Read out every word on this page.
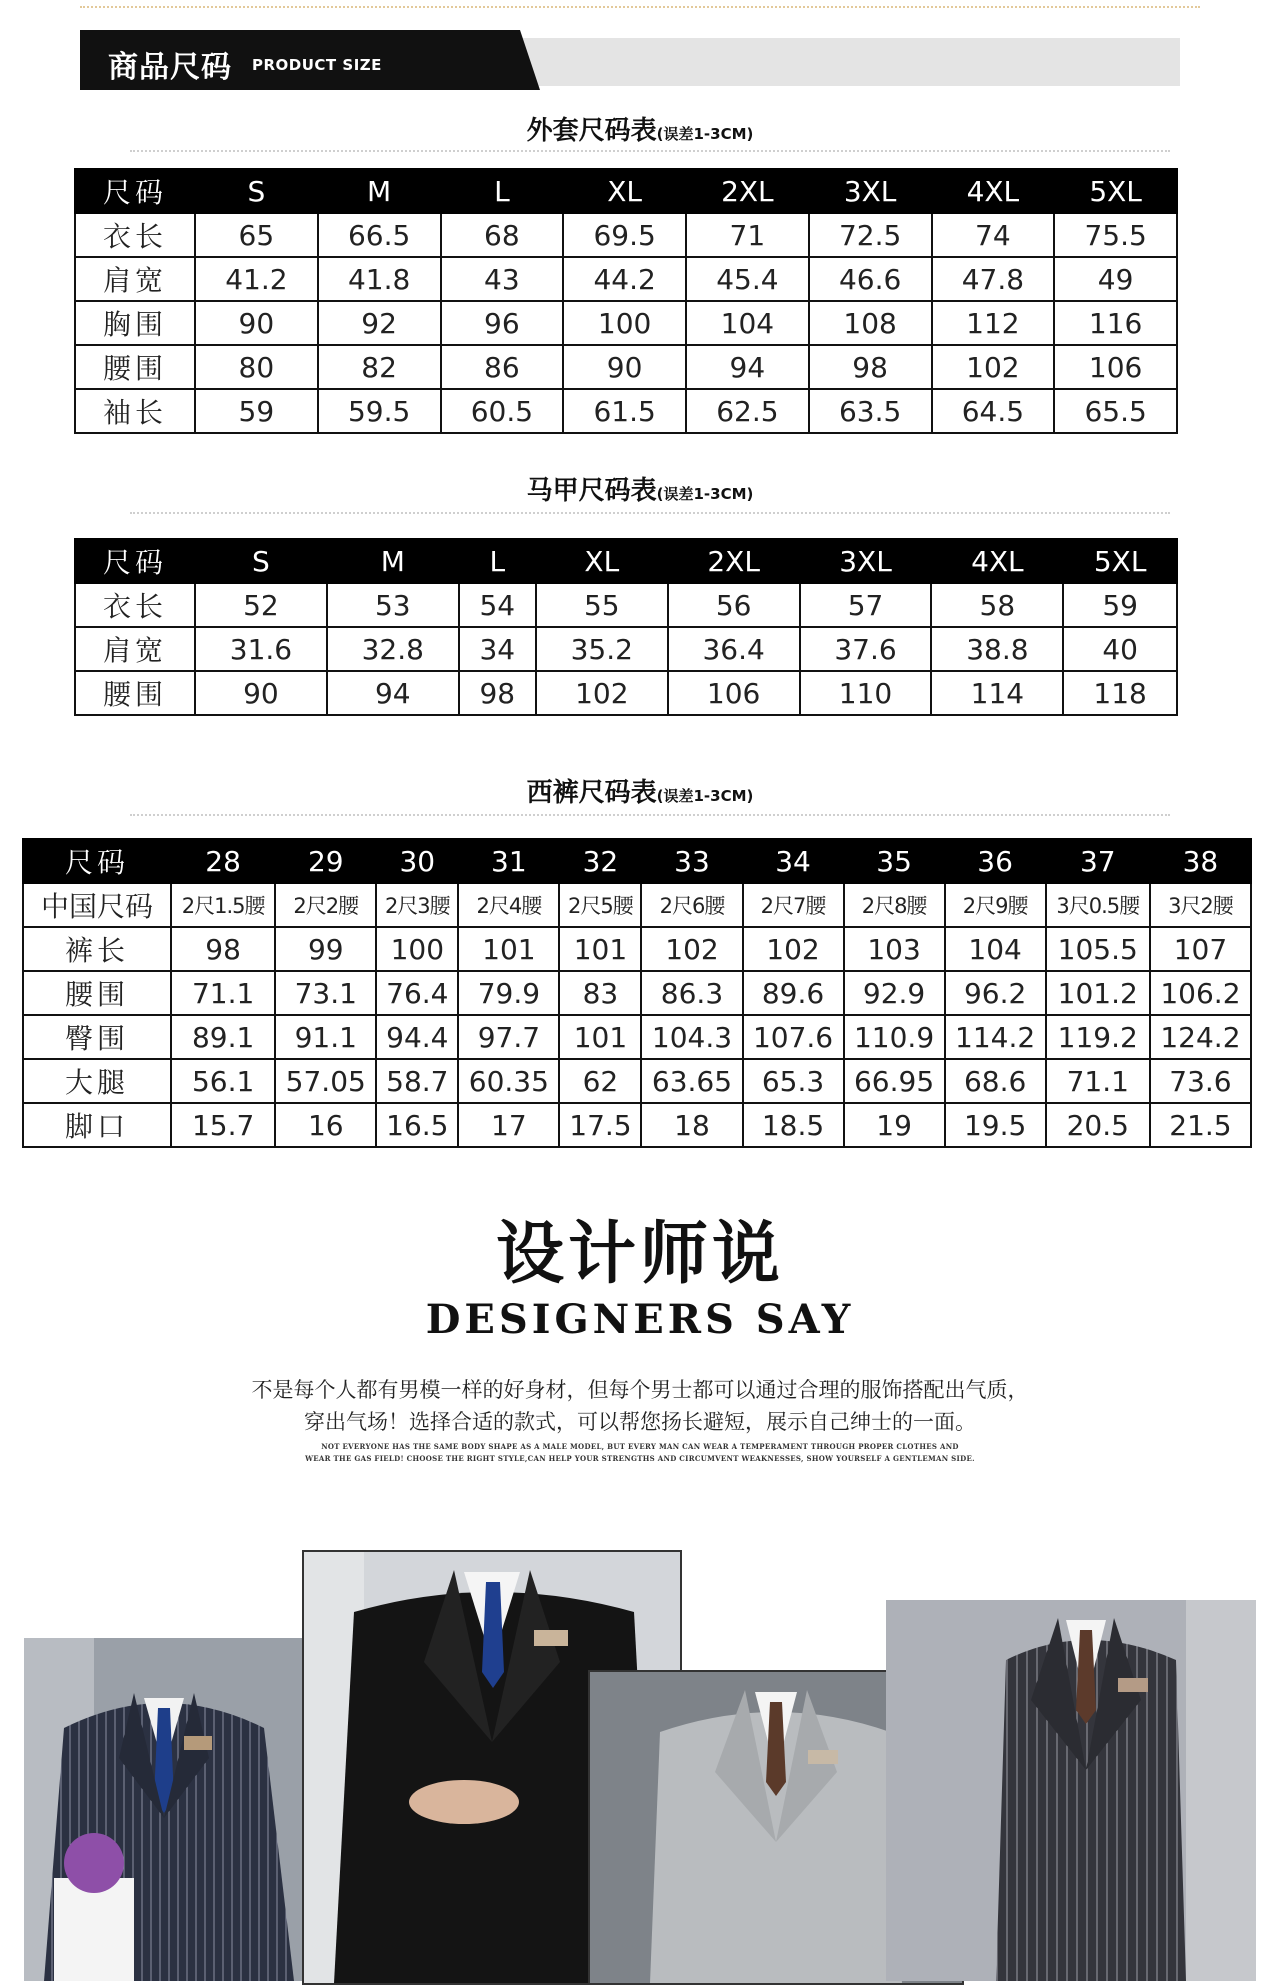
商品尺码 PRODUCT SIZE
外套尺码表(误差1-3CM)
尺码	S	M	L	XL	2XL	3XL	4XL	5XL
衣长	65	66.5	68	69.5	71	72.5	74	75.5
肩宽	41.2	41.8	43	44.2	45.4	46.6	47.8	49
胸围	90	92	96	100	104	108	112	116
腰围	80	82	86	90	94	98	102	106
袖长	59	59.5	60.5	61.5	62.5	63.5	64.5	65.5
马甲尺码表(误差1-3CM)
尺码	S	M	L	XL	2XL	3XL	4XL	5XL
衣长	52	53	54	55	56	57	58	59
肩宽	31.6	32.8	34	35.2	36.4	37.6	38.8	40
腰围	90	94	98	102	106	110	114	118
西裤尺码表(误差1-3CM)
尺码	28	29	30	31	32	33	34	35	36	37	38
中国尺码	2尺1.5腰	2尺2腰	2尺3腰	2尺4腰	2尺5腰	2尺6腰	2尺7腰	2尺8腰	2尺9腰	3尺0.5腰	3尺2腰
裤长	98	99	100	101	101	102	102	103	104	105.5	107
腰围	71.1	73.1	76.4	79.9	83	86.3	89.6	92.9	96.2	101.2	106.2
臀围	89.1	91.1	94.4	97.7	101	104.3	107.6	110.9	114.2	119.2	124.2
大腿	56.1	57.05	58.7	60.35	62	63.65	65.3	66.95	68.6	71.1	73.6
脚口	15.7	16	16.5	17	17.5	18	18.5	19	19.5	20.5	21.5
设计师说
DESIGNERS SAY
不是每个人都有男模一样的好身材，但每个男士都可以通过合理的服饰搭配出气质，
穿出气场！选择合适的款式，可以帮您扬长避短，展示自己绅士的一面。
NOT EVERYONE HAS THE SAME BODY SHAPE AS A MALE MODEL, BUT EVERY MAN CAN WEAR A TEMPERAMENT THROUGH PROPER CLOTHES AND
WEAR THE GAS FIELD! CHOOSE THE RIGHT STYLE,CAN HELP YOUR STRENGTHS AND CIRCUMVENT WEAKNESSES, SHOW YOURSELF A GENTLEMAN SIDE.
